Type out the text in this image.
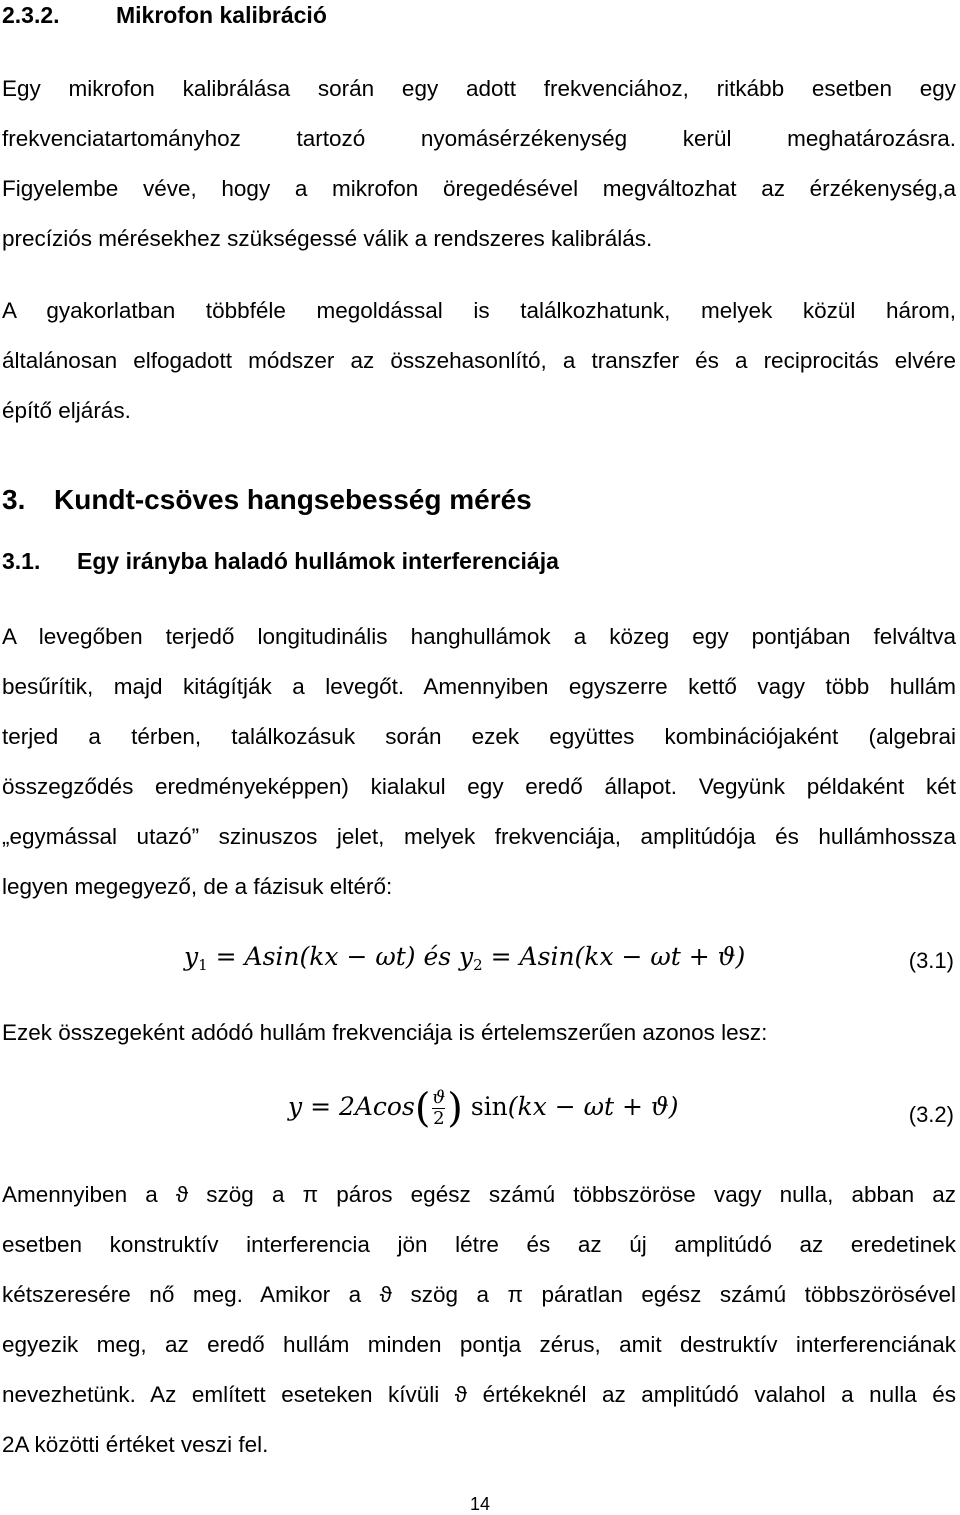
2.3.2. Mikrofon kalibráció
Egy mikrofon kalibrálása során egy adott frekvenciához, ritkább esetben egy
frekvenciatartományhoz tartozó nyomásérzékenység kerül meghatározásra.
Figyelembe véve, hogy a mikrofon öregedésével megváltozhat az érzékenység,a
precíziós mérésekhez szükségessé válik a rendszeres kalibrálás.
A gyakorlatban többféle megoldással is találkozhatunk, melyek közül három,
általánosan elfogadott módszer az összehasonlító, a transzfer és a reciprocitás elvére
építő eljárás.
3. Kundt-csöves hangsebesség mérés
3.1. Egy irányba haladó hullámok interferenciája
A levegőben terjedő longitudinális hanghullámok a közeg egy pontjában felváltva
besűrítik, majd kitágítják a levegőt. Amennyiben egyszerre kettő vagy több hullám
terjed a térben, találkozásuk során ezek együttes kombinációjaként (algebrai
összegződés eredményeképpen) kialakul egy eredő állapot. Vegyünk példaként két
„egymással utazó” szinuszos jelet, melyek frekvenciája, amplitúdója és hullámhossza
legyen megegyező, de a fázisuk eltérő:
$y_1 = Asin(kx - \omega t)$ és $y_2 = Asin(kx - \omega t + ϑ)$	(3.1)
Ezek összegeként adódó hullám frekvenciája is értelemszerűen azonos lesz:
$y = 2Acos( \frac{ϑ}{2}$ ) sin(kx − ωt + ϑ)	(3.2)
Amennyiben a ϑ szög a π páros egész számú többszöröse vagy nulla, abban az
esetben konstruktív interferencia jön létre és az új amplitúdó az eredetinek
kétszeresére nő meg. Amikor a ϑ szög a π páratlan egész számú többszörösével
egyezik meg, az eredő hullám minden pontja zérus, amit destruktív interferenciának
nevezhetünk. Az említett eseteken kívüli ϑ értékeknél az amplitúdó valahol a nulla és
2A közötti értéket veszi fel.
14
